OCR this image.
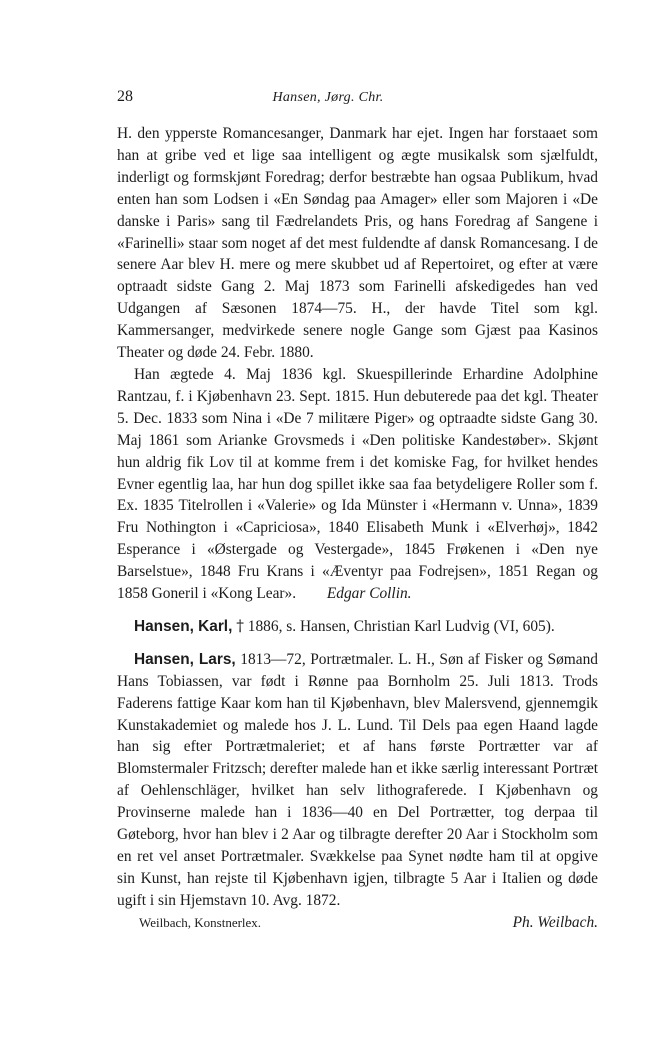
28	Hansen, Jørg. Chr.

H. den ypperste Romancesanger, Danmark har ejet. Ingen har forstaaet som han at gribe ved et lige saa intelligent og ægte musikalsk som sjælfuldt, inderligt og formskjønt Foredrag; derfor bestræbte han ogsaa Publikum, hvad enten han som Lodsen i «En Søndag paa Amager» eller som Majoren i «De danske i Paris» sang til Fædrelandets Pris, og hans Foredrag af Sangene i «Farinelli» staar som noget af det mest fuldendte af dansk Romancesang. I de senere Aar blev H. mere og mere skubbet ud af Repertoiret, og efter at være optraadt sidste Gang 2. Maj 1873 som Farinelli afskedigedes han ved Udgangen af Sæsonen 1874—75. H., der havde Titel som kgl. Kammersanger, medvirkede senere nogle Gange som Gjæst paa Kasinos Theater og døde 24. Febr. 1880.

Han ægtede 4. Maj 1836 kgl. Skuespillerinde Erhardine Adolphine Rantzau, f. i Kjøbenhavn 23. Sept. 1815. Hun debuterede paa det kgl. Theater 5. Dec. 1833 som Nina i «De 7 militære Piger» og optraadte sidste Gang 30. Maj 1861 som Arianke Grovsmeds i «Den politiske Kandestøber». Skjønt hun aldrig fik Lov til at komme frem i det komiske Fag, for hvilket hendes Evner egentlig laa, har hun dog spillet ikke saa faa betydeligere Roller som f. Ex. 1835 Titelrollen i «Valerie» og Ida Münster i «Hermann v. Unna», 1839 Fru Nothington i «Capriciosa», 1840 Elisabeth Munk i «Elverhøj», 1842 Esperance i «Østergade og Vestergade», 1845 Frøkenen i «Den nye Barselstue», 1848 Fru Krans i «Æventyr paa Fodrejsen», 1851 Regan og 1858 Goneril i «Kong Lear». Edgar Collin.

Hansen, Karl, † 1886, s. Hansen, Christian Karl Ludvig (VI, 605).

Hansen, Lars, 1813—72, Portrætmaler. L. H., Søn af Fisker og Sømand Hans Tobiassen, var født i Rønne paa Bornholm 25. Juli 1813. Trods Faderens fattige Kaar kom han til Kjøbenhavn, blev Malersvend, gjennemgik Kunstakademiet og malede hos J. L. Lund. Til Dels paa egen Haand lagde han sig efter Portrætmaleriet; et af hans første Portrætter var af Blomstermaler Fritzsch; derefter malede han et ikke særlig interessant Portræt af Oehlenschläger, hvilket han selv lithograferede. I Kjøbenhavn og Provinserne malede han i 1836—40 en Del Portrætter, tog derpaa til Gøteborg, hvor han blev i 2 Aar og tilbragte derefter 20 Aar i Stockholm som en ret vel anset Portrætmaler. Svækkelse paa Synet nødte ham til at opgive sin Kunst, han rejste til Kjøbenhavn igjen, tilbragte 5 Aar i Italien og døde ugift i sin Hjemstavn 10. Avg. 1872.

Weilbach, Konstnerlex.	Ph. Weilbach.
